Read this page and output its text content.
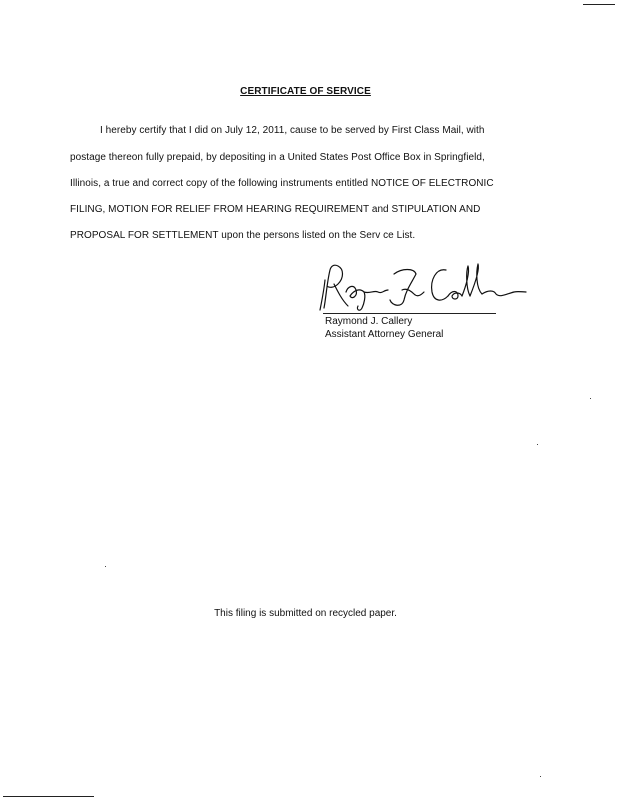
CERTIFICATE OF SERVICE
I hereby certify that I did on July 12, 2011, cause to be served by First Class Mail, with
postage thereon fully prepaid, by depositing in a United States Post Office Box in Springfield,
Illinois, a true and correct copy of the following instruments entitled NOTICE OF ELECTRONIC
FILING, MOTION FOR RELIEF FROM HEARING REQUIREMENT and STIPULATION AND
PROPOSAL FOR SETTLEMENT upon the persons listed on the Serv ce List.
Raymond J. Callery
Assistant Attorney General
This filing is submitted on recycled paper.
